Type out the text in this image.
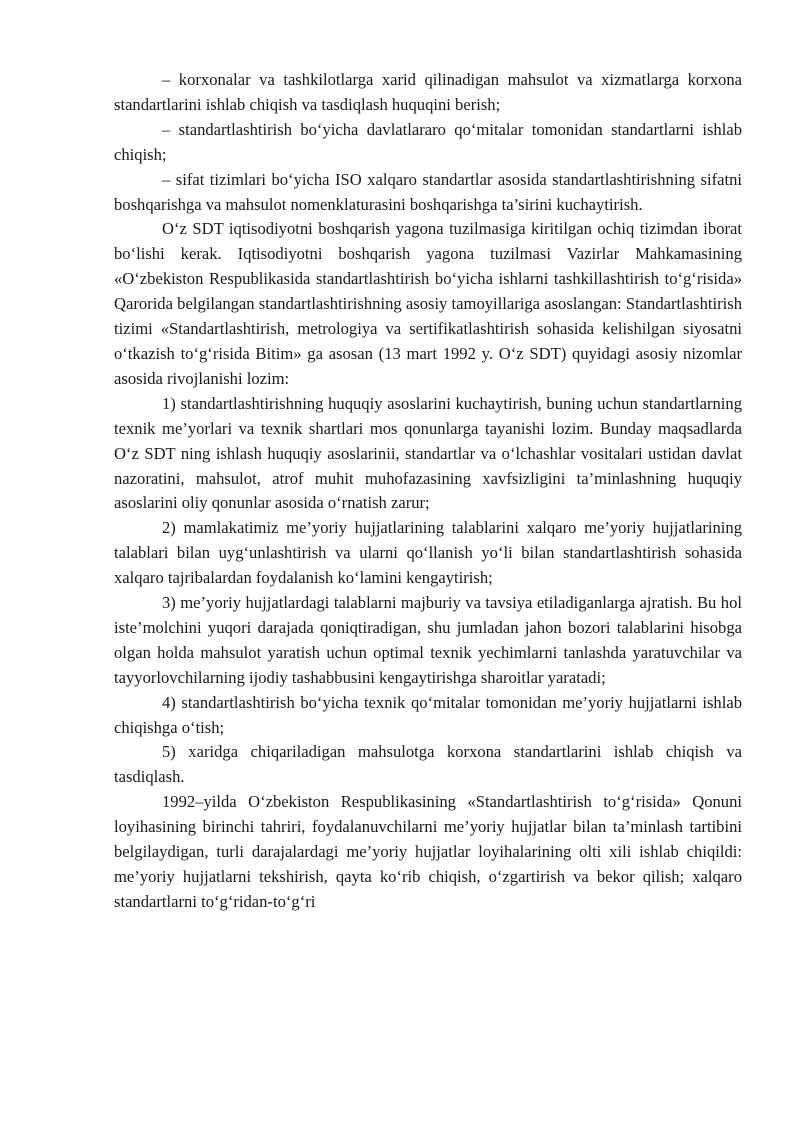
– korxonalar va tashkilotlarga xarid qilinadigan mahsulot va xizmatlarga korxona standartlarini ishlab chiqish va tasdiqlash huquqini berish;

– standartlashtirish bo‘yicha davlatlararo qo‘mitalar tomonidan standartlarni ishlab chiqish;

– sifat tizimlari bo‘yicha ISO xalqaro standartlar asosida standartlashtirishning sifatni boshqarishga va mahsulot nomenklaturasini boshqarishga ta’sirini kuchaytirish.

O‘z SDT iqtisodiyotni boshqarish yagona tuzilmasiga kiritilgan ochiq tizimdan iborat bo‘lishi kerak. Iqtisodiyotni boshqarish yagona tuzilmasi Vazirlar Mahkamasining «O‘zbekiston Respublikasida standartlashtirish bo‘yicha ishlarni tashkillashtirish to‘g‘risida» Qarorida belgilangan standartlashtirishning asosiy tamoyillariga asoslangan: Standartlashtirish tizimi «Standartlashtirish, metrologiya va sertifikatlashtirish sohasida kelishilgan siyosatni o‘tkazish to‘g‘risida Bitim» ga asosan (13 mart 1992 y. O‘z SDT) quyidagi asosiy nizomlar asosida rivojlanishi lozim:

1) standartlashtirishning huquqiy asoslarini kuchaytirish, buning uchun standartlarning texnik me’yorlari va texnik shartlari mos qonunlarga tayanishi lozim. Bunday maqsadlarda O‘z SDT ning ishlash huquqiy asoslarinii, standartlar va o‘lchashlar vositalari ustidan davlat nazoratini, mahsulot, atrof muhit muhofazasining xavfsizligini ta’minlashning huquqiy asoslarini oliy qonunlar asosida o‘rnatish zarur;

2) mamlakatimiz me’yoriy hujjatlarining talablarini xalqaro me’yoriy hujjatlarining talablari bilan uyg‘unlashtirish va ularni qo‘llanish yo‘li bilan standartlashtirish sohasida xalqaro tajribalardan foydalanish ko‘lamini kengaytirish;

3) me’yoriy hujjatlardagi talablarni majburiy va tavsiya etiladiganlarga ajratish. Bu hol iste’molchini yuqori darajada qoniqtiradigan, shu jumladan jahon bozori talablarini hisobga olgan holda mahsulot yaratish uchun optimal texnik yechimlarni tanlashda yaratuvchilar va tayyorlovchilarning ijodiy tashabbusini kengaytirishga sharoitlar yaratadi;

4) standartlashtirish bo‘yicha texnik qo‘mitalar tomonidan me’yoriy hujjatlarni ishlab chiqishga o‘tish;

5) xaridga chiqariladigan mahsulotga korxona standartlarini ishlab chiqish va tasdiqlash.

1992–yilda O‘zbekiston Respublikasining «Standartlashtirish to‘g‘risida» Qonuni loyihasining birinchi tahriri, foydalanuvchilarni me’yoriy hujjatlar bilan ta’minlash tartibini belgilaydigan, turli darajalardagi me’yoriy hujjatlar loyihalarining olti xili ishlab chiqildi: me’yoriy hujjatlarni tekshirish, qayta ko‘rib chiqish, o‘zgartirish va bekor qilish; xalqaro standartlarni to‘g‘ridan-to‘g‘ri
